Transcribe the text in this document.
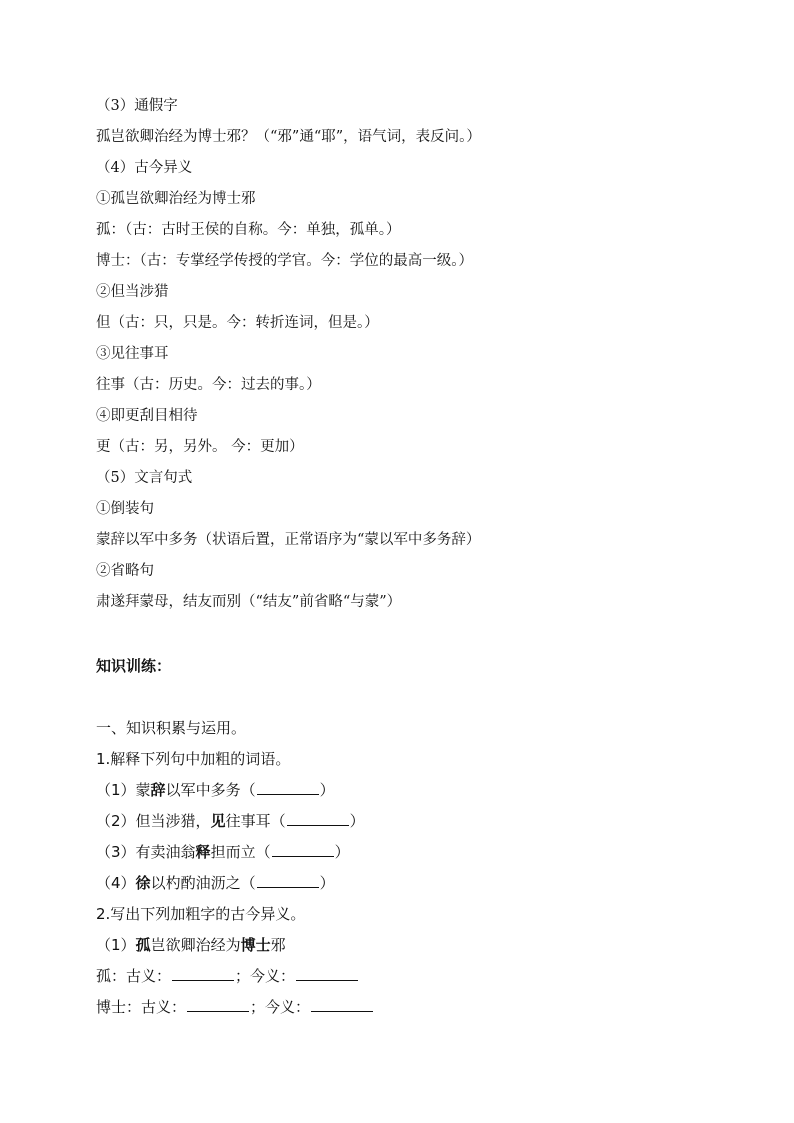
（3）通假字
孤岂欲卿治经为博士邪？（“邪”通“耶”，语气词，表反问。）
（4）古今异义
①孤岂欲卿治经为博士邪
孤：（古：古时王侯的自称。今：单独，孤单。）
博士：（古：专掌经学传授的学官。今：学位的最高一级。）
②但当涉猎
但（古：只，只是。今：转折连词，但是。）
③见往事耳
往事（古：历史。今：过去的事。）
④即更刮目相待
更（古：另，另外。 今：更加）
（5）文言句式
①倒装句
蒙辞以军中多务（状语后置，正常语序为“蒙以军中多务辞）
②省略句
肃遂拜蒙母，结友而别（“结友”前省略“与蒙”）
知识训练：
一、知识积累与运用。
1.解释下列句中加粗的词语。
（1）蒙辞以军中多务（	）
（2）但当涉猎，见往事耳（	）
（3）有卖油翁释担而立（	）
（4）徐以杓酌油沥之（	）
2.写出下列加粗字的古今异义。
（1）孤岂欲卿治经为博士邪
孤：古义：	；今义：
博士：古义：	；今义：
